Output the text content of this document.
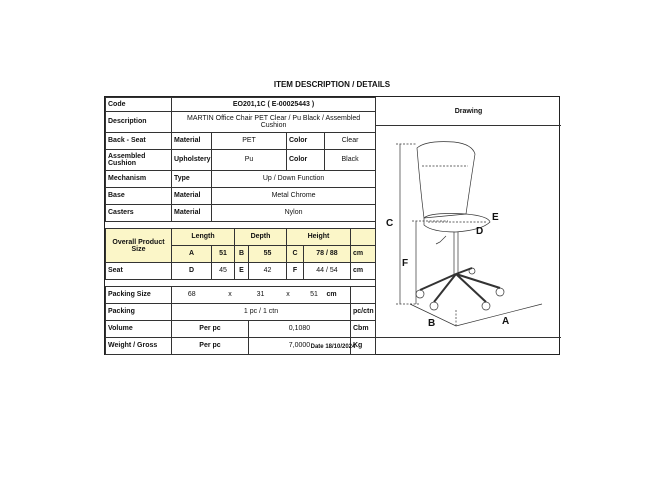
ITEM DESCRIPTION / DETAILS
Code	EO201,1C ( E-00025443 )								
Description	MARTIN Office Chair PET Clear / Pu Black / Assembled Cushion								
Back - Seat	Material	PET				Color		Clear	
Assembled Cushion	Upholstery	Pu				Color		Black	
Mechanism	Type	Up / Down Function							
Base	Material	Metal Chrome							
Casters	Material	Nylon							

Overall Product Size	Length		Depth			Height			
	A	51	B	55		C	78 / 88		cm
Seat	D	45	E	42		F	44 / 54		cm

Packing Size	68	x		31	x		51	cm	
Packing	1 pc / 1 ctn								pc/ctn
Volume	Per pc			0,1080					Cbm
Weight / Gross	Per pc			7,0000					Kg
Drawing
C
F
E
D
B	A
Date 18/10/2024
